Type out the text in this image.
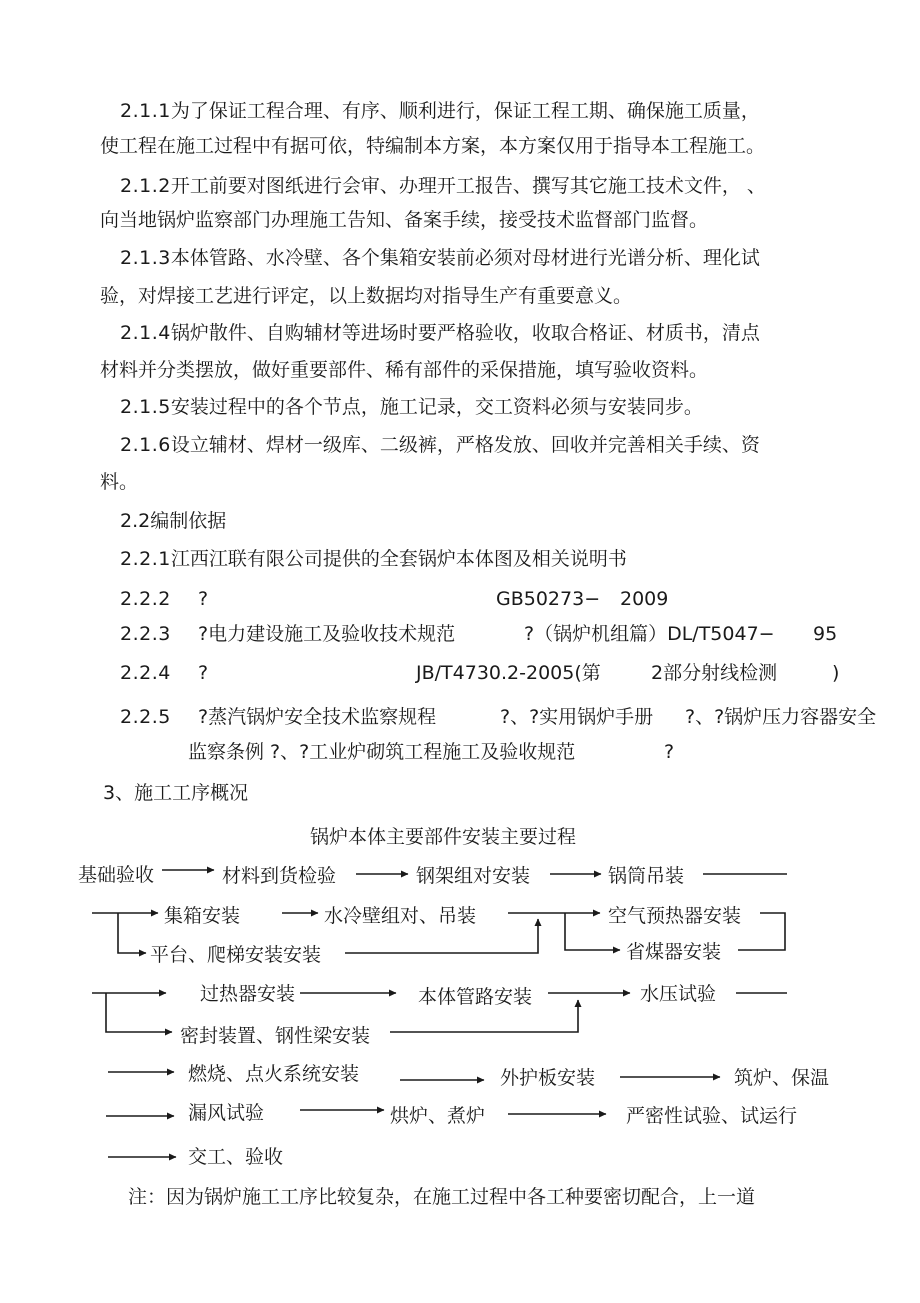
2.1.1为了保证工程合理、有序、顺利进行，保证工程工期、确保施工质量，
使工程在施工过程中有据可依，特编制本方案，本方案仅用于指导本工程施工。
2.1.2开工前要对图纸进行会审、办理开工报告、撰写其它施工技术文件， 、
向当地锅炉监察部门办理施工告知、备案手续，接受技术监督部门监督。
2.1.3本体管路、水冷壁、各个集箱安装前必须对母材进行光谱分析、理化试
验，对焊接工艺进行评定，以上数据均对指导生产有重要意义。
2.1.4锅炉散件、自购辅材等进场时要严格验收，收取合格证、材质书，清点
材料并分类摆放，做好重要部件、稀有部件的采保措施，填写验收资料。
2.1.5安装过程中的各个节点，施工记录，交工资料必须与安装同步。
2.1.6设立辅材、焊材一级库、二级裤，严格发放、回收并完善相关手续、资
料。
2.2编制依据
2.2.1江西江联有限公司提供的全套锅炉本体图及相关说明书
2.2.2 ?	GB50273− 2009
2.2.3 ?电力建设施工及验收技术规范	?（锅炉机组篇）DL/T5047− 95
2.2.4 ?	JB/T4730.2-2005(第	2部分射线检测	)
2.2.5 ?蒸汽锅炉安全技术监察规程	?、?实用锅炉手册 ?、?锅炉压力容器安全
监察条例 ?、?工业炉砌筑工程施工及验收规范	?
3、施工工序概况
锅炉本体主要部件安装主要过程
基础验收	材料到货检验	钢架组对安装	锅筒吊装
集箱安装	水冷壁组对、吊装	空气预热器安装
平台、爬梯安装安装	省煤器安装
过热器安装	本体管路安装	水压试验
密封装置、钢性梁安装
燃烧、点火系统安装	外护板安装	筑炉、保温
漏风试验	烘炉、煮炉	严密性试验、试运行
交工、验收
注：因为锅炉施工工序比较复杂，在施工过程中各工种要密切配合，上一道
